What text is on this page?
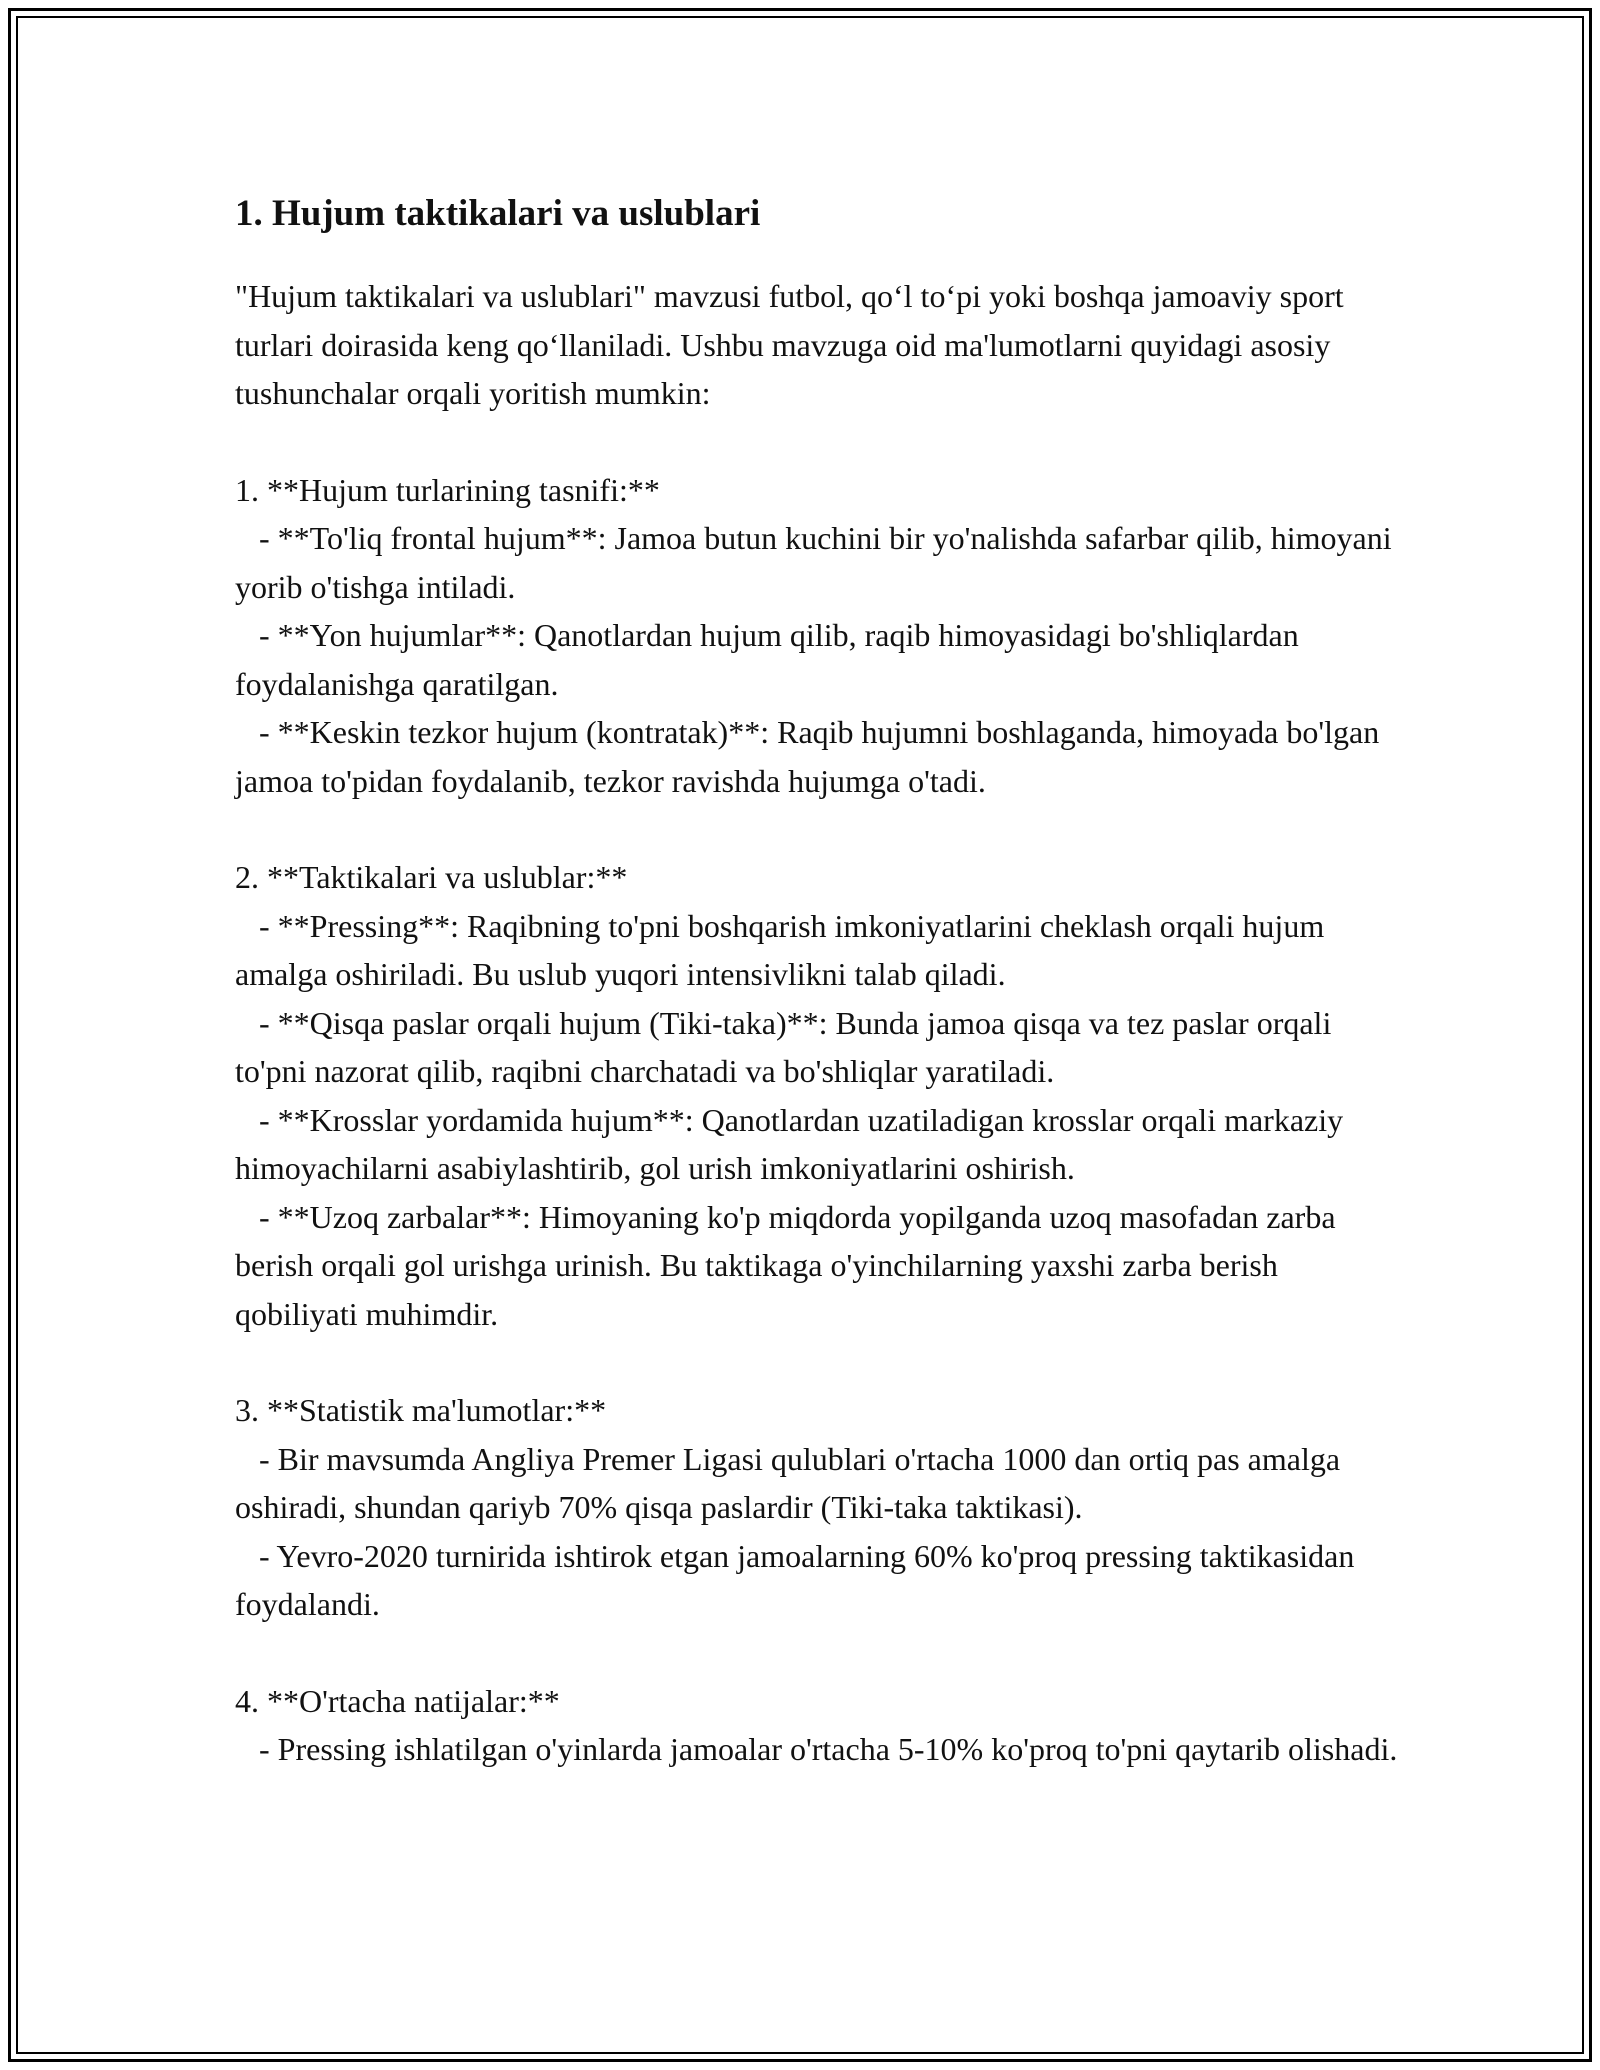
1. Hujum taktikalari va uslublari

"Hujum taktikalari va uslublari" mavzusi futbol, qo‘l to‘pi yoki boshqa jamoaviy sport turlari doirasida keng qo‘llaniladi. Ushbu mavzuga oid ma'lumotlarni quyidagi asosiy tushunchalar orqali yoritish mumkin:

1. **Hujum turlarining tasnifi:**

- **To'liq frontal hujum**: Jamoa butun kuchini bir yo'nalishda safarbar qilib, himoyani yorib o'tishga intiladi.

- **Yon hujumlar**: Qanotlardan hujum qilib, raqib himoyasidagi bo'shliqlardan foydalanishga qaratilgan.

- **Keskin tezkor hujum (kontratak)**: Raqib hujumni boshlaganda, himoyada bo'lgan jamoa to'pidan foydalanib, tezkor ravishda hujumga o'tadi.

2. **Taktikalari va uslublar:**

- **Pressing**: Raqibning to'pni boshqarish imkoniyatlarini cheklash orqali hujum amalga oshiriladi. Bu uslub yuqori intensivlikni talab qiladi.

- **Qisqa paslar orqali hujum (Tiki-taka)**: Bunda jamoa qisqa va tez paslar orqali to'pni nazorat qilib, raqibni charchatadi va bo'shliqlar yaratiladi.

- **Krosslar yordamida hujum**: Qanotlardan uzatiladigan krosslar orqali markaziy himoyachilarni asabiylashtirib, gol urish imkoniyatlarini oshirish.

- **Uzoq zarbalar**: Himoyaning ko'p miqdorda yopilganda uzoq masofadan zarba berish orqali gol urishga urinish. Bu taktikaga o'yinchilarning yaxshi zarba berish qobiliyati muhimdir.

3. **Statistik ma'lumotlar:**

- Bir mavsumda Angliya Premer Ligasi qulublari o'rtacha 1000 dan ortiq pas amalga oshiradi, shundan qariyb 70% qisqa paslardir (Tiki-taka taktikasi).

- Yevro-2020 turnirida ishtirok etgan jamoalarning 60% ko'proq pressing taktikasidan foydalandi.

4. **O'rtacha natijalar:**

- Pressing ishlatilgan o'yinlarda jamoalar o'rtacha 5-10% ko'proq to'pni qaytarib olishadi.
